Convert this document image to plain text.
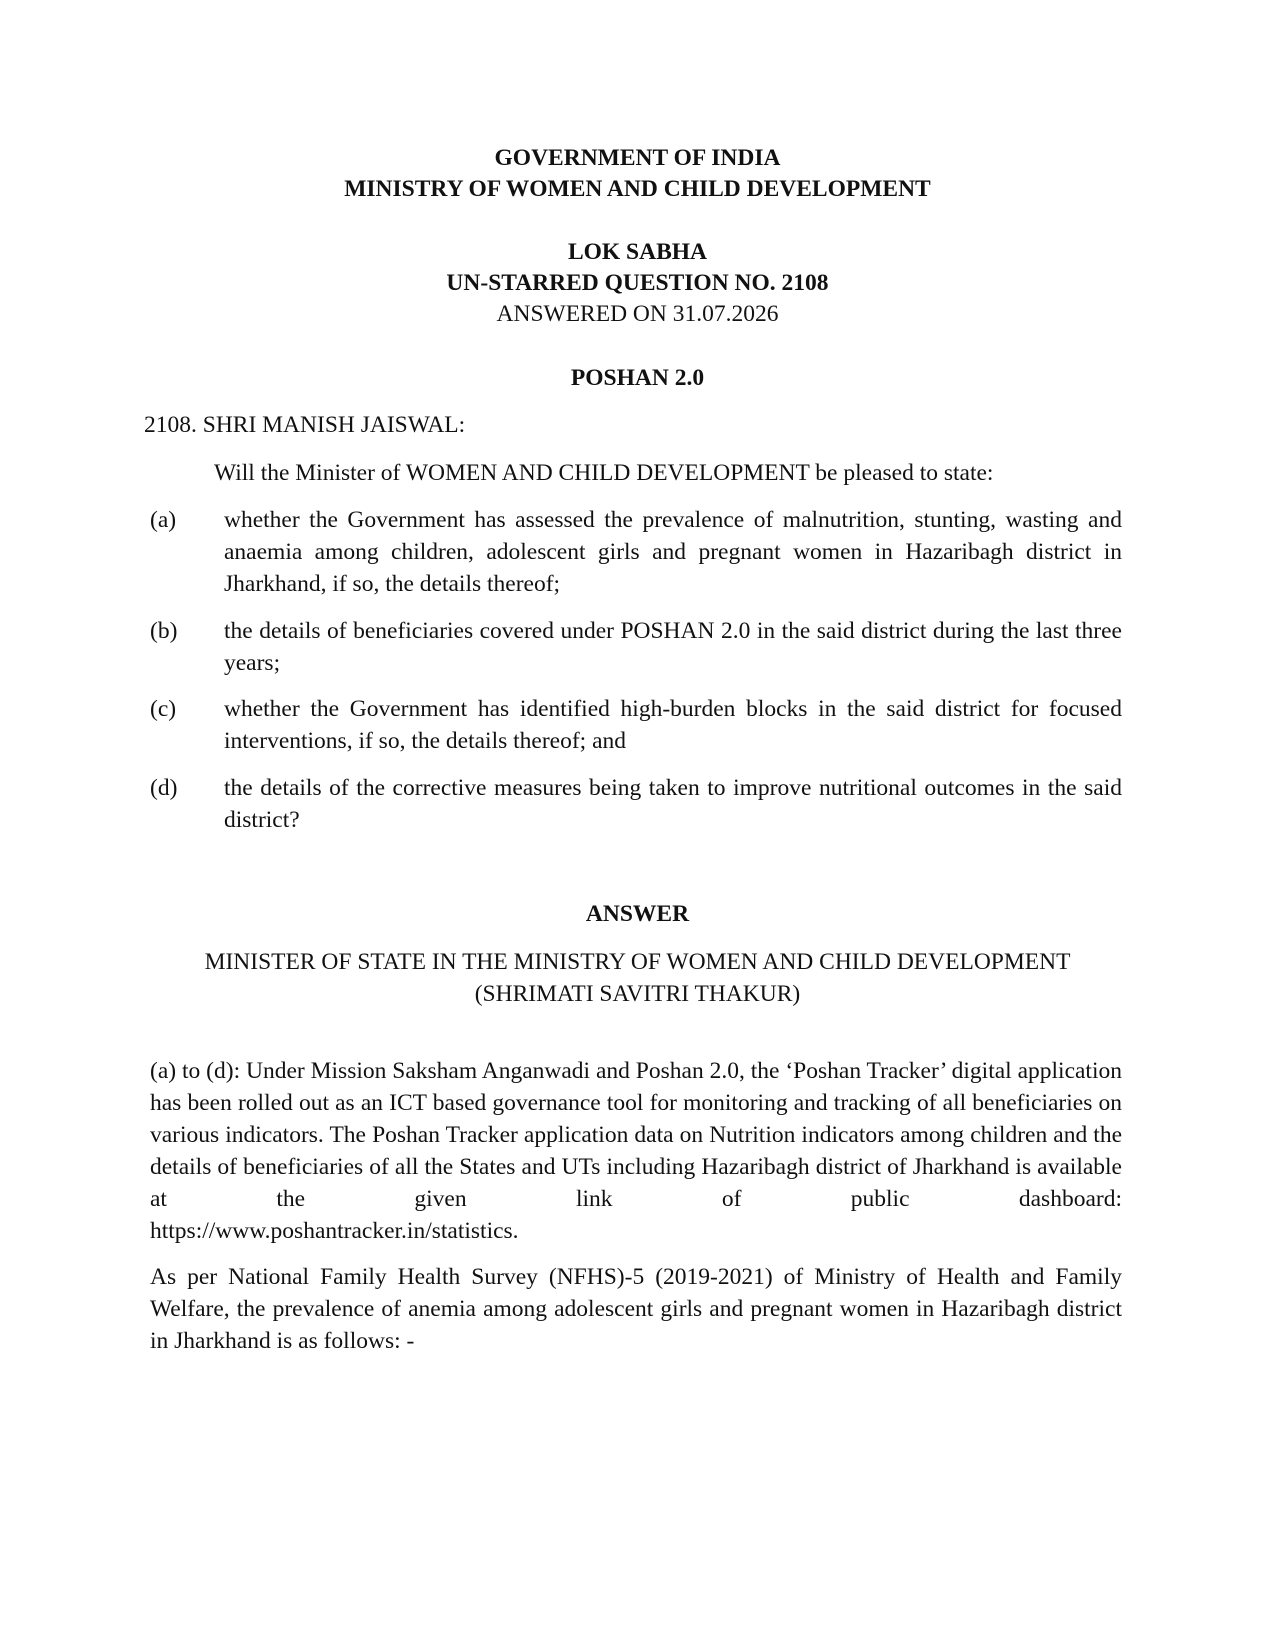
GOVERNMENT OF INDIA
MINISTRY OF WOMEN AND CHILD DEVELOPMENT
LOK SABHA
UN-STARRED QUESTION NO. 2108
ANSWERED ON 31.07.2026
POSHAN 2.0
2108. SHRI MANISH JAISWAL:
Will the Minister of WOMEN AND CHILD DEVELOPMENT be pleased to state:
(a)	whether the Government has assessed the prevalence of malnutrition, stunting, wasting and anaemia among children, adolescent girls and pregnant women in Hazaribagh district in Jharkhand, if so, the details thereof;
(b)	the details of beneficiaries covered under POSHAN 2.0 in the said district during the last three years;
(c)	whether the Government has identified high-burden blocks in the said district for focused interventions, if so, the details thereof; and
(d)	the details of the corrective measures being taken to improve nutritional outcomes in the said district?
ANSWER
MINISTER OF STATE IN THE MINISTRY OF WOMEN AND CHILD DEVELOPMENT
(SHRIMATI SAVITRI THAKUR)
(a) to (d): Under Mission Saksham Anganwadi and Poshan 2.0, the ‘Poshan Tracker’ digital application has been rolled out as an ICT based governance tool for monitoring and tracking of all beneficiaries on various indicators. The Poshan Tracker application data on Nutrition indicators among children and the details of beneficiaries of all the States and UTs including Hazaribagh district of Jharkhand is available at the given link of public dashboard:
https://www.poshantracker.in/statistics.
As per National Family Health Survey (NFHS)-5 (2019-2021) of Ministry of Health and Family Welfare, the prevalence of anemia among adolescent girls and pregnant women in Hazaribagh district in Jharkhand is as follows: -
